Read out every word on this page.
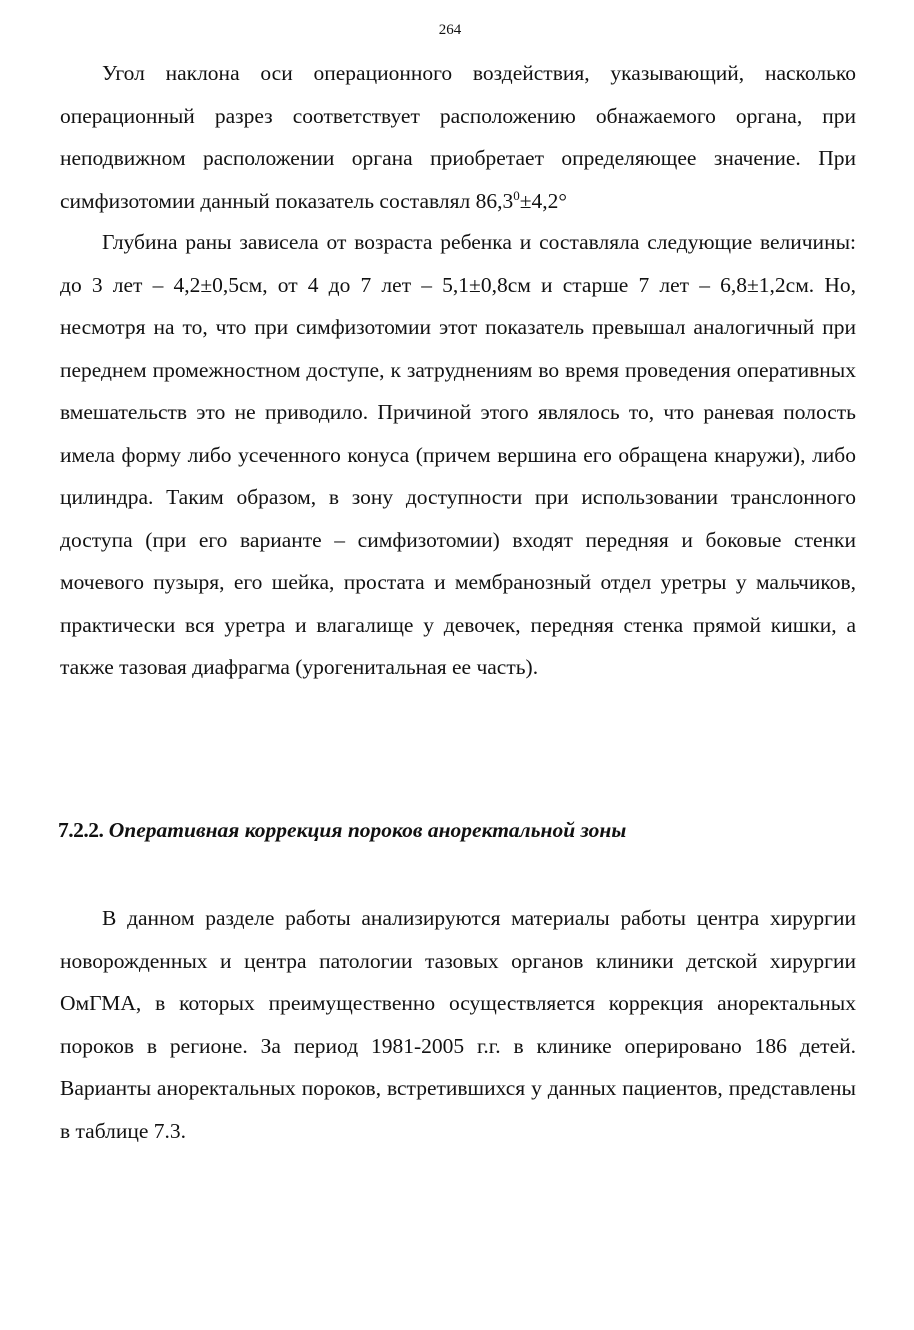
264

Угол наклона оси операционного воздействия, указывающий, насколько операционный разрез соответствует расположению обнажаемого органа, при неподвижном расположении органа приобретает определяющее значение. При симфизотомии данный показатель составлял $86,3^0\pm 4,2^\circ$

Глубина раны зависела от возраста ребенка и составляла следующие величины: до 3 лет – 4,2±0,5см, от 4 до 7 лет – 5,1±0,8см и старше 7 лет – 6,8±1,2см. Но, несмотря на то, что при симфизотомии этот показатель превышал аналогичный при переднем промежностном доступе, к затруднениям во время проведения оперативных вмешательств это не приводило. Причиной этого являлось то, что раневая полость имела форму либо усеченного конуса (причем вершина его обращена кнаружи), либо цилиндра. Таким образом, в зону доступности при использовании транслонного доступа (при его варианте – симфизотомии) входят передняя и боковые стенки мочевого пузыря, его шейка, простата и мембранозный отдел уретры у мальчиков, практически вся уретра и влагалище у девочек, передняя стенка прямой кишки, а также тазовая диафрагма (урогенитальная ее часть).

7.2.2. Оперативная коррекция пороков аноректальной зоны

В данном разделе работы анализируются материалы работы центра хирургии новорожденных и центра патологии тазовых органов клиники детской хирургии ОмГМА, в которых преимущественно осуществляется коррекция аноректальных пороков в регионе. За период 1981-2005 г.г. в клинике оперировано 186 детей. Варианты аноректальных пороков, встретившихся у данных пациентов, представлены в таблице 7.3.
